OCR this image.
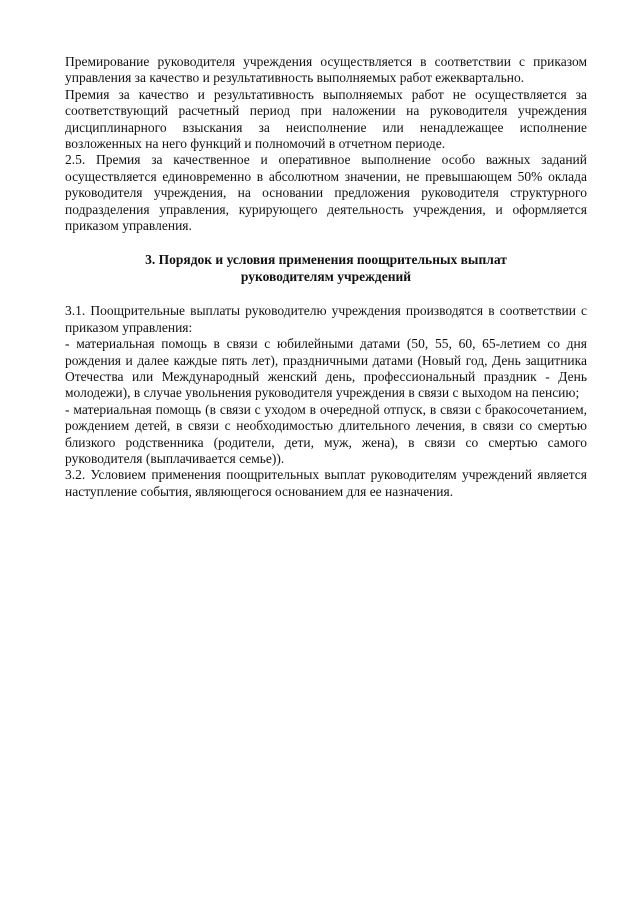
Премирование руководителя учреждения осуществляется в соответствии с приказом управления за качество и результативность выполняемых работ ежеквартально.

Премия за качество и результативность выполняемых работ не осуществляется за соответствующий расчетный период при наложении на руководителя учреждения дисциплинарного взыскания за неисполнение или ненадлежащее исполнение возложенных на него функций и полномочий в отчетном периоде.

2.5. Премия за качественное и оперативное выполнение особо важных заданий осуществляется единовременно в абсолютном значении, не превышающем 50% оклада руководителя учреждения, на основании предложения руководителя структурного подразделения управления, курирующего деятельность учреждения, и оформляется приказом управления.

3. Порядок и условия применения поощрительных выплат
руководителям учреждений

3.1. Поощрительные выплаты руководителю учреждения производятся в соответствии с приказом управления:

- материальная помощь в связи с юбилейными датами (50, 55, 60, 65-летием со дня рождения и далее каждые пять лет), праздничными датами (Новый год, День защитника Отечества или Международный женский день, профессиональный праздник - День молодежи), в случае увольнения руководителя учреждения в связи с выходом на пенсию;

- материальная помощь (в связи с уходом в очередной отпуск, в связи с бракосочетанием, рождением детей, в связи с необходимостью длительного лечения, в связи со смертью близкого родственника (родители, дети, муж, жена), в связи со смертью самого руководителя (выплачивается семье)).

3.2. Условием применения поощрительных выплат руководителям учреждений является наступление события, являющегося основанием для ее назначения.
